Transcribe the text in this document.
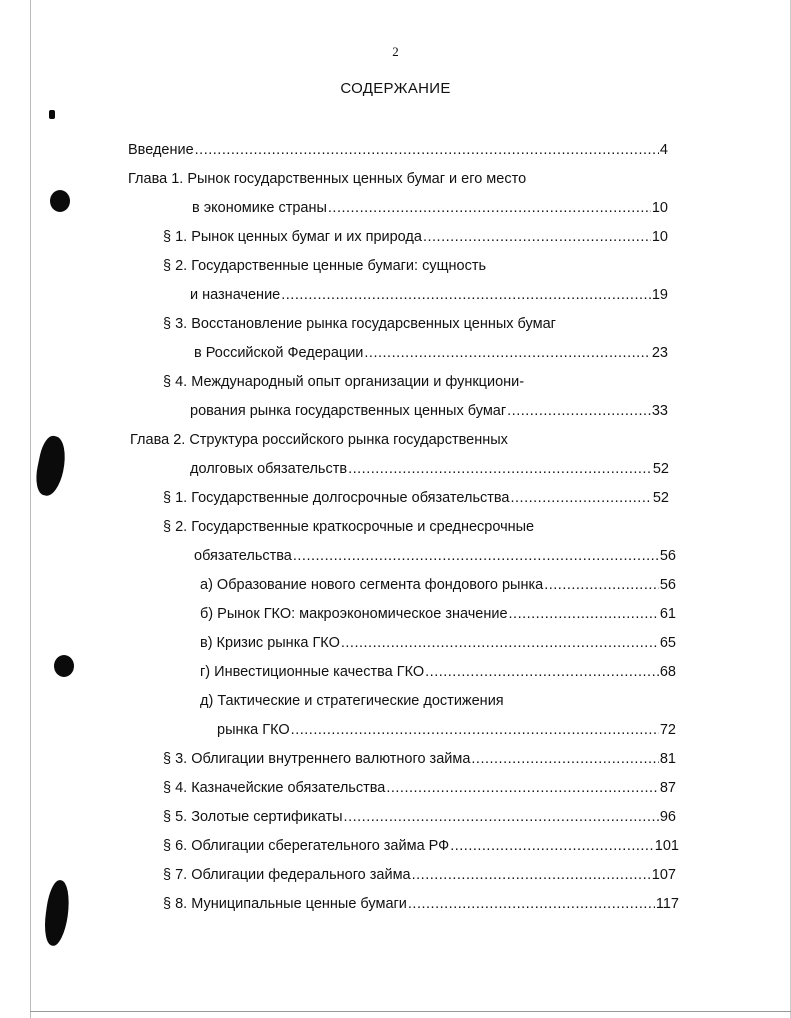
2
СОДЕРЖАНИЕ
Введение .....	4
Глава 1. Рынок государственных ценных бумаг и его место
в экономике страны .....	10
§ 1. Рынок ценных бумаг и их природа .....	10
§ 2. Государственные ценные бумаги: сущность
и назначение .....	19
§ 3. Восстановление рынка государсвенных ценных бумаг
в Российской Федерации .....	23
§ 4. Международный опыт организации и функциони-
рования рынка государственных ценных бумаг .....	33
Глава 2. Структура российского рынка государственных
долговых обязательств .....	52
§ 1. Государственные долгосрочные обязательства .....	52
§ 2. Государственные краткосрочные и среднесрочные
обязательства .....	56
а) Образование нового сегмента фондового рынка .....	56
б) Рынок ГКО: макроэкономическое значение .....	61
в) Кризис рынка ГКО .....	65
г) Инвестиционные качества ГКО .....	68
д) Тактические и стратегические достижения
рынка ГКО .....	72
§ 3. Облигации внутреннего валютного займа .....	81
§ 4. Казначейские обязательства .....	87
§ 5. Золотые сертификаты .....	96
§ 6. Облигации сберегательного займа РФ .....	101
§ 7. Облигации федерального займа .....	107
§ 8. Муниципальные ценные бумаги .....	117
